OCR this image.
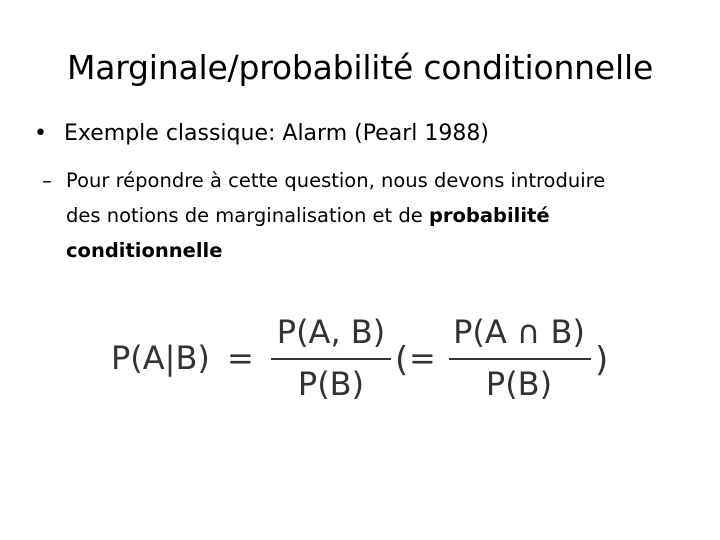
Marginale/probabilité conditionnelle
• Exemple classique: Alarm (Pearl 1988)
– Pour répondre à cette question, nous devons introduire
des notions de marginalisation et de probabilité
conditionnelle
P(A|B) =
P(A, B)
P(B)
( =
P(A ∩ B)
P(B)
)
